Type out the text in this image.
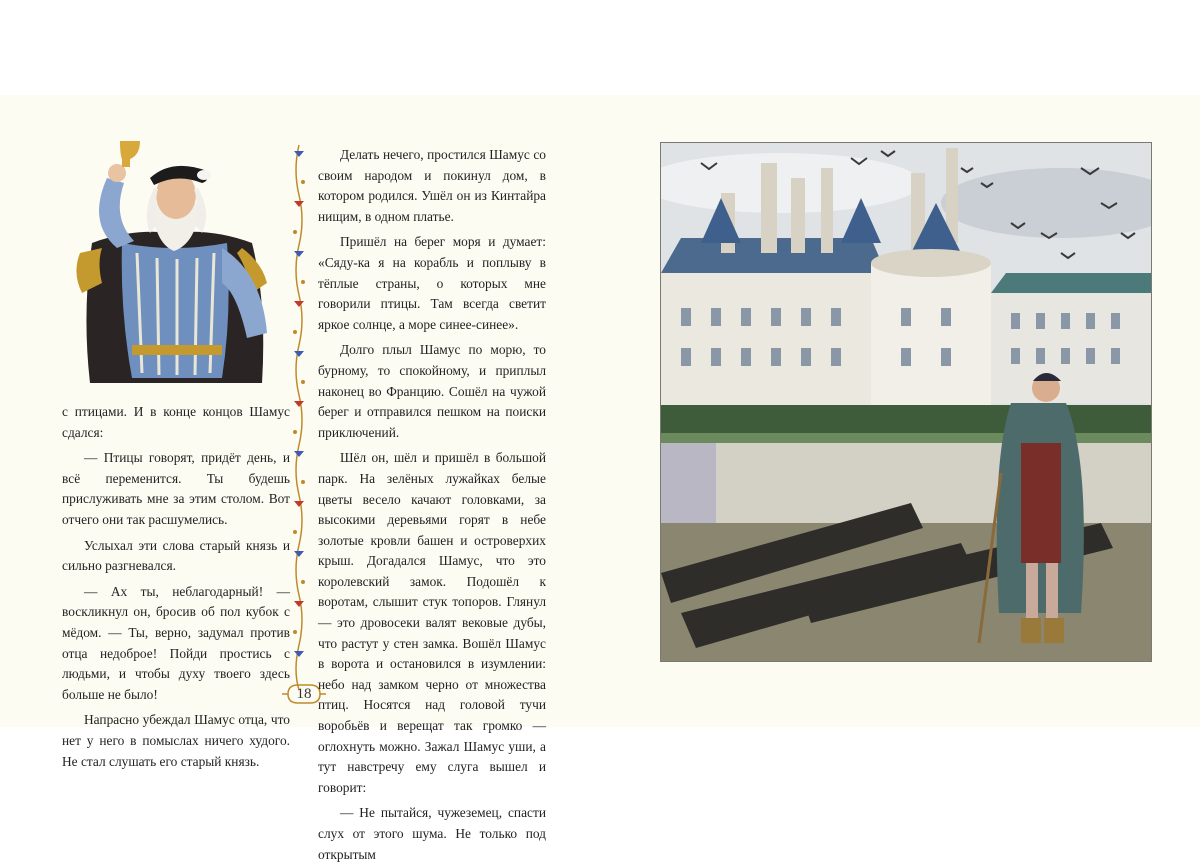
с птицами. И в конце концов Шамус сдался:

— Птицы говорят, придёт день, и всё переменится. Ты будешь прислуживать мне за этим столом. Вот отчего они так расшумелись.

Услыхал эти слова старый князь и сильно разгневался.

— Ах ты, неблагодарный! — воскликнул он, бросив об пол кубок с мёдом. — Ты, верно, задумал против отца недоброе! Пойди простись с людьми, и чтобы духу твоего здесь больше не было!

Напрасно убеждал Шамус отца, что нет у него в помыслах ничего худого. Не стал слушать его старый князь.

18

Делать нечего, простился Шамус со своим народом и покинул дом, в котором родился. Ушёл он из Кинтайра нищим, в одном платье.

Пришёл на берег моря и думает: «Сяду-ка я на корабль и поплыву в тёплые страны, о которых мне говорили птицы. Там всегда светит яркое солнце, а море синее-синее».

Долго плыл Шамус по морю, то бурному, то спокойному, и приплыл наконец во Францию. Сошёл на чужой берег и отправился пешком на поиски приключений.

Шёл он, шёл и пришёл в большой парк. На зелёных лужайках белые цветы весело качают головками, за высокими деревьями горят в небе золотые кровли башен и островерхих крыш. Догадался Шамус, что это королевский замок. Подошёл к воротам, слышит стук топоров. Глянул — это дровосеки валят вековые дубы, что растут у стен замка. Вошёл Шамус в ворота и остановился в изумлении: небо над замком черно от множества птиц. Носятся над головой тучи воробьёв и верещат так громко — оглохнуть можно. Зажал Шамус уши, а тут навстречу ему слуга вышел и говорит:

— Не пытайся, чужеземец, спасти слух от этого шума. Не только под открытым
